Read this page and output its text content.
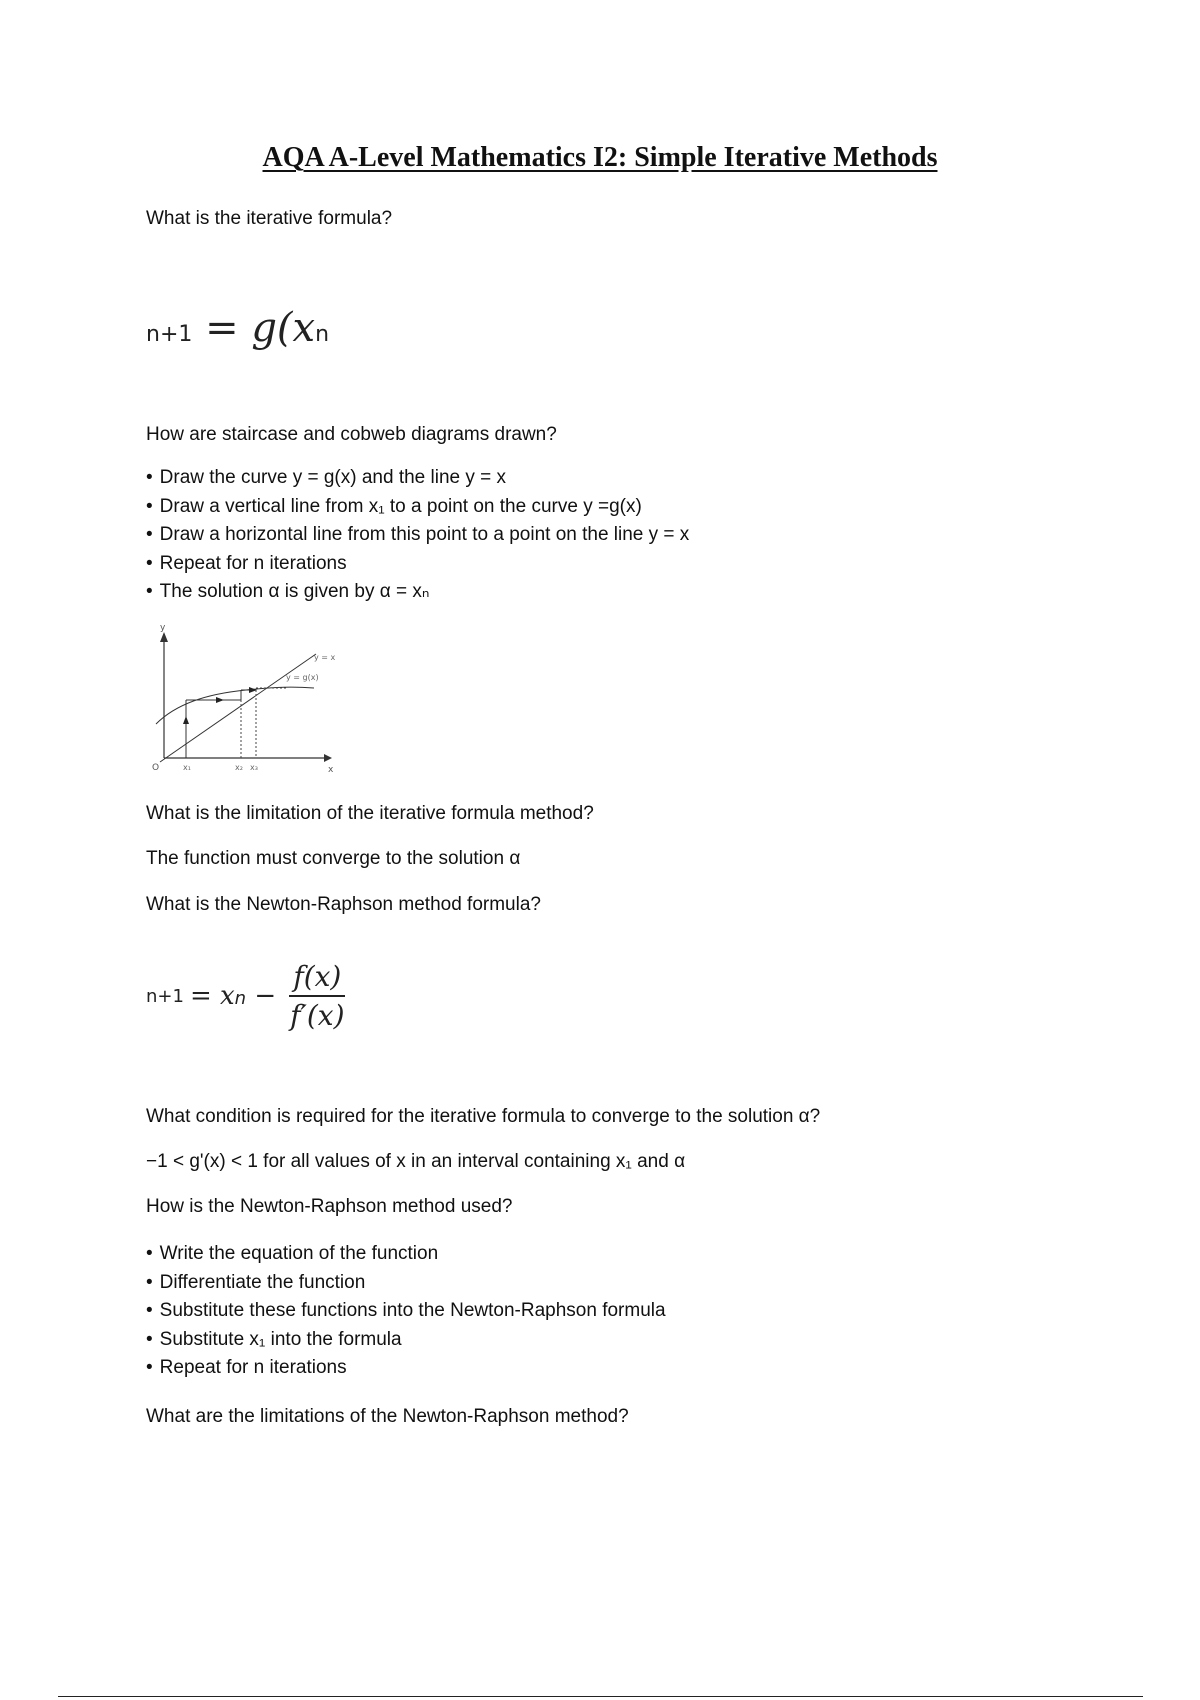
AQA A-Level Mathematics I2: Simple Iterative Methods
What is the iterative formula?
n+1 = g(xn
How are staircase and cobweb diagrams drawn?
• Draw the curve y = g(x) and the line y = x
• Draw a vertical line from x₁ to a point on the curve y =g(x)
• Draw a horizontal line from this point to a point on the line y = x
• Repeat for n iterations
• The solution α is given by α = xₙ
y
x
O
y = x
y = g(x)
x₁	x₂ x₃
What is the limitation of the iterative formula method?
The function must converge to the solution α
What is the Newton-Raphson method formula?
n+1 = xn − $\frac{f(x)}{f'(x)}$
What condition is required for the iterative formula to converge to the solution α?
−1 < g'(x) < 1 for all values of x in an interval containing x₁ and α
How is the Newton-Raphson method used?
• Write the equation of the function
• Differentiate the function
• Substitute these functions into the Newton-Raphson formula
• Substitute x₁ into the formula
• Repeat for n iterations
What are the limitations of the Newton-Raphson method?
